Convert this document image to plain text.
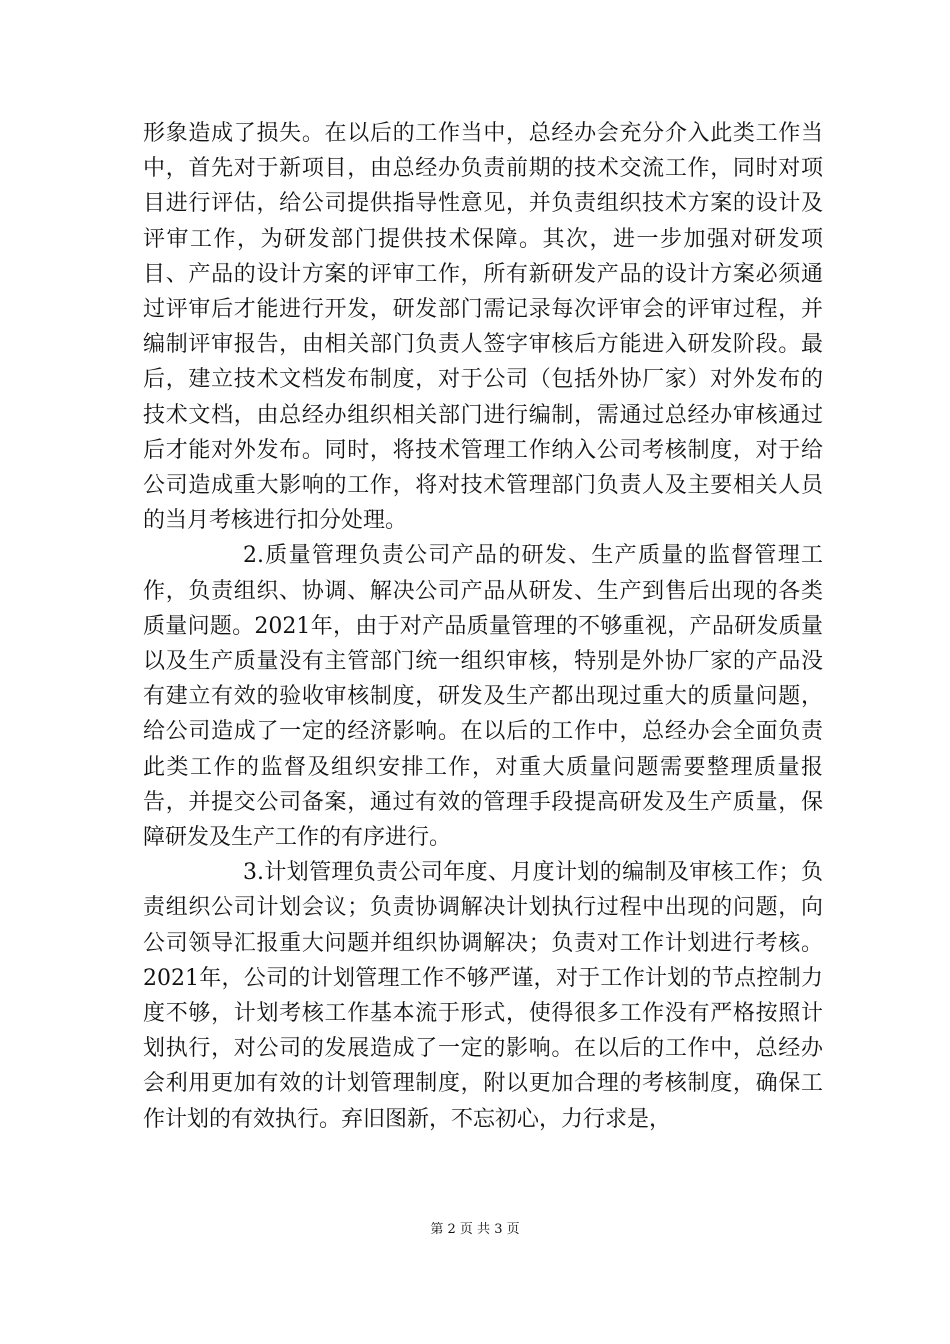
形象造成了损失。在以后的工作当中，总经办会充分介入此类工作当中，首先对于新项目，由总经办负责前期的技术交流工作，同时对项目进行评估，给公司提供指导性意见，并负责组织技术方案的设计及评审工作，为研发部门提供技术保障。其次，进一步加强对研发项目、产品的设计方案的评审工作，所有新研发产品的设计方案必须通过评审后才能进行开发，研发部门需记录每次评审会的评审过程，并编制评审报告，由相关部门负责人签字审核后方能进入研发阶段。最后，建立技术文档发布制度，对于公司（包括外协厂家）对外发布的技术文档，由总经办组织相关部门进行编制，需通过总经办审核通过后才能对外发布。同时，将技术管理工作纳入公司考核制度，对于给公司造成重大影响的工作，将对技术管理部门负责人及主要相关人员的当月考核进行扣分处理。

2.质量管理负责公司产品的研发、生产质量的监督管理工作，负责组织、协调、解决公司产品从研发、生产到售后出现的各类质量问题。2021年，由于对产品质量管理的不够重视，产品研发质量以及生产质量没有主管部门统一组织审核，特别是外协厂家的产品没有建立有效的验收审核制度，研发及生产都出现过重大的质量问题，给公司造成了一定的经济影响。在以后的工作中，总经办会全面负责此类工作的监督及组织安排工作，对重大质量问题需要整理质量报告，并提交公司备案，通过有效的管理手段提高研发及生产质量，保障研发及生产工作的有序进行。

3.计划管理负责公司年度、月度计划的编制及审核工作；负责组织公司计划会议；负责协调解决计划执行过程中出现的问题，向公司领导汇报重大问题并组织协调解决；负责对工作计划进行考核。2021年，公司的计划管理工作不够严谨，对于工作计划的节点控制力度不够，计划考核工作基本流于形式，使得很多工作没有严格按照计划执行，对公司的发展造成了一定的影响。在以后的工作中，总经办会利用更加有效的计划管理制度，附以更加合理的考核制度，确保工作计划的有效执行。弃旧图新，不忘初心，力行求是，

第 2 页 共 3 页
